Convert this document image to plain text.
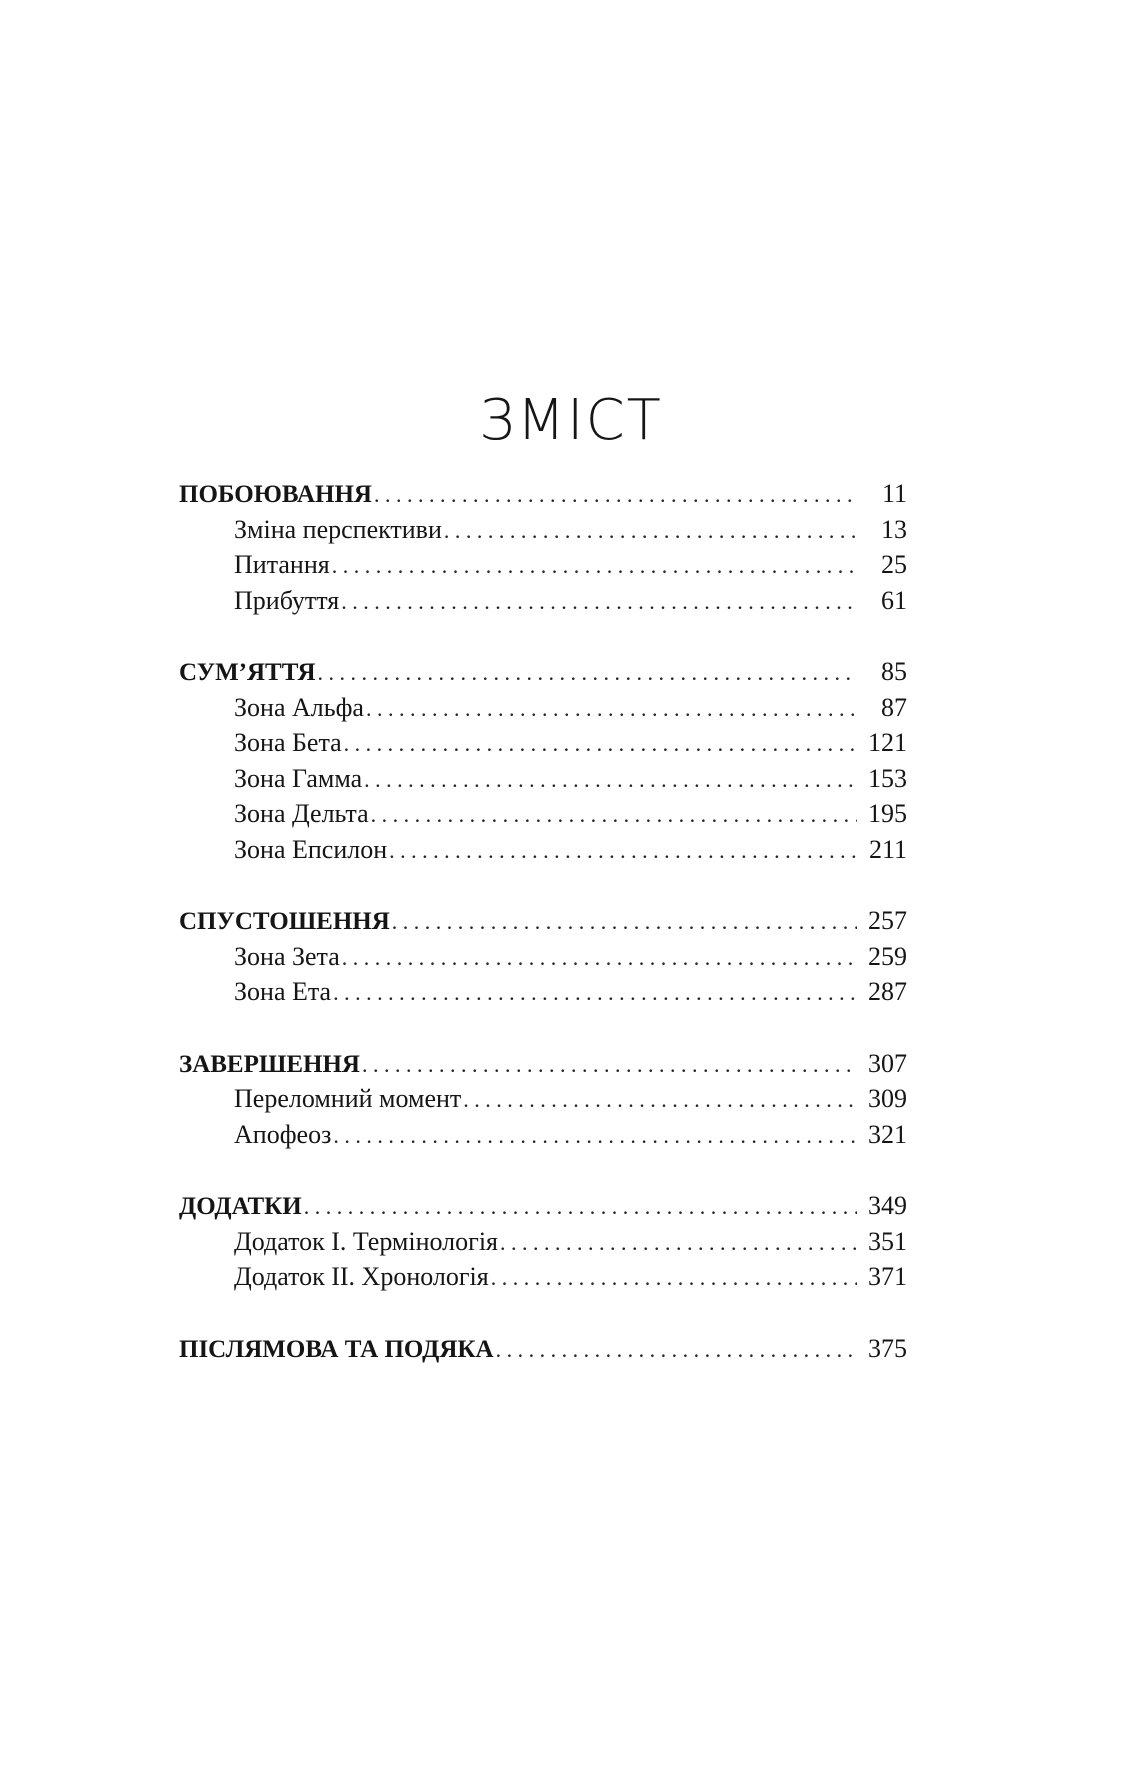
ЗМІСТ
ПОБОЮВАННЯ . . .	11
Зміна перспективи . . .	13
Питання . . .	25
Прибуття . . .	61
СУМ’ЯТТЯ . . .	85
Зона Альфа . . .	87
Зона Бета . . .	121
Зона Гамма . . .	153
Зона Дельта . . .	195
Зона Епсилон . . .	211
СПУСТОШЕННЯ . . .	257
Зона Зета . . .	259
Зона Ета . . .	287
ЗАВЕРШЕННЯ . . .	307
Переломний момент . . .	309
Апофеоз . . .	321
ДОДАТКИ . . .	349
Додаток I. Термінологія . . .	351
Додаток II. Хронологія . . .	371
ПІСЛЯМОВА ТА ПОДЯКА . . .	375
